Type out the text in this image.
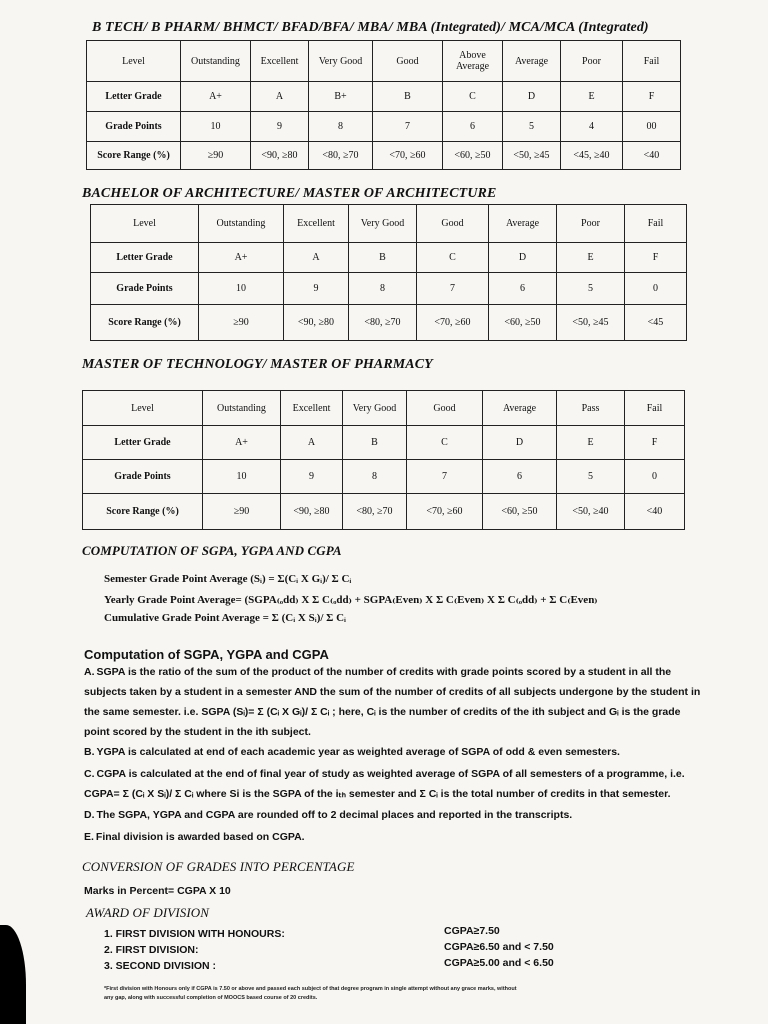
B TECH/ B PHARM/ BHMCT/ BFAD/BFA/ MBA/ MBA (Integrated)/ MCA/MCA (Integrated)
Level	Outstanding	Excellent	Very Good	Good	Above Average	Average	Poor	Fail
Letter Grade	A+	A	B+	B	C	D	E	F
Grade Points	10	9	8	7	6	5	4	00
Score Range (%)	≥90	<90, ≥80	<80, ≥70	<70, ≥60	<60, ≥50	<50, ≥45	<45, ≥40	<40
BACHELOR OF ARCHITECTURE/ MASTER OF ARCHITECTURE
Level	Outstanding	Excellent	Very Good	Good	Average	Poor	Fail
Letter Grade	A+	A	B	C	D	E	F
Grade Points	10	9	8	7	6	5	0
Score Range (%)	≥90	<90, ≥80	<80, ≥70	<70, ≥60	<60, ≥50	<50, ≥45	<45
MASTER OF TECHNOLOGY/ MASTER OF PHARMACY
Level	Outstanding	Excellent	Very Good	Good	Average	Pass	Fail
Letter Grade	A+	A	B	C	D	E	F
Grade Points	10	9	8	7	6	5	0
Score Range (%)	≥90	<90, ≥80	<80, ≥70	<70, ≥60	<60, ≥50	<50, ≥40	<40
COMPUTATION OF SGPA, YGPA AND CGPA
Semester Grade Point Average (Sᵢ) = Σ(Cᵢ X Gᵢ)/ Σ Cᵢ
Yearly Grade Point Average= (SGPA₍ₒdd₎ X Σ C₍ₒdd₎ + SGPA₍Even₎ X Σ C₍Even₎ X Σ C₍ₒdd₎ + Σ C₍Even₎
Cumulative Grade Point Average = Σ (Cᵢ X Sᵢ)/ Σ Cᵢ
Computation of SGPA, YGPA and CGPA
A. SGPA is the ratio of the sum of the product of the number of credits with grade points scored by a student in all the subjects taken by a student in a semester AND the sum of the number of credits of all subjects undergone by the student in the same semester. i.e. SGPA (Sᵢ)= Σ (Cᵢ X Gᵢ)/ Σ Cᵢ ; here, Cᵢ is the number of credits of the ith subject and Gᵢ is the grade point scored by the student in the ith subject.
B. YGPA is calculated at end of each academic year as weighted average of SGPA of odd & even semesters.
C. CGPA is calculated at the end of final year of study as weighted average of SGPA of all semesters of a programme, i.e. CGPA= Σ (Cᵢ X Sᵢ)/ Σ Cᵢ where Si is the SGPA of the iₜₕ semester and Σ Cᵢ is the total number of credits in that semester.
D. The SGPA, YGPA and CGPA are rounded off to 2 decimal places and reported in the transcripts.
E. Final division is awarded based on CGPA.
CONVERSION OF GRADES INTO PERCENTAGE
Marks in Percent= CGPA X 10
AWARD OF DIVISION
1. FIRST DIVISION WITH HONOURS:	CGPA≥7.50
2. FIRST DIVISION:	CGPA≥6.50 and < 7.50
3. SECOND DIVISION :	CGPA≥5.00 and < 6.50
*First division with Honours only if CGPA is 7.50 or above and passed each subject of that degree program in single attempt without any grace marks, without any gap, along with successful completion of MOOCS based course of 20 credits.
